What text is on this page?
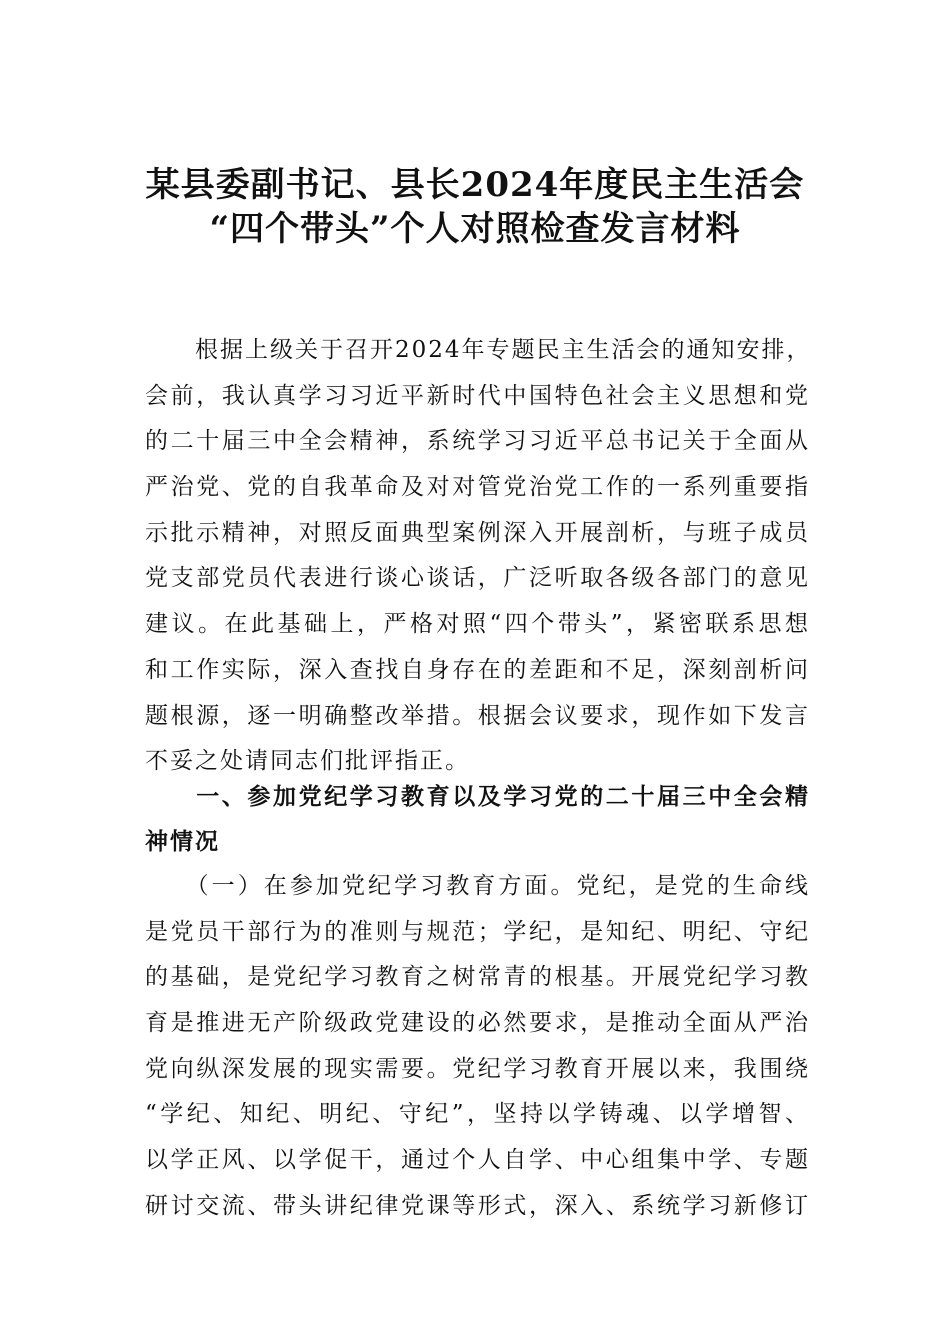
某县委副书记、县长2024年度民主生活会
“四个带头”个人对照检查发言材料
　　根据上级关于召开2024年专题民主生活会的通知安排，
会前，我认真学习习近平新时代中国特色社会主义思想和党
的二十届三中全会精神，系统学习习近平总书记关于全面从
严治党、党的自我革命及对对管党治党工作的一系列重要指
示批示精神，对照反面典型案例深入开展剖析，与班子成员
党支部党员代表进行谈心谈话，广泛听取各级各部门的意见
建议。在此基础上，严格对照“四个带头”，紧密联系思想
和工作实际，深入查找自身存在的差距和不足，深刻剖析问
题根源，逐一明确整改举措。根据会议要求，现作如下发言
不妥之处请同志们批评指正。
　　一、参加党纪学习教育以及学习党的二十届三中全会精
神情况
　　（一）在参加党纪学习教育方面。党纪，是党的生命线
是党员干部行为的准则与规范；学纪，是知纪、明纪、守纪
的基础，是党纪学习教育之树常青的根基。开展党纪学习教
育是推进无产阶级政党建设的必然要求，是推动全面从严治
党向纵深发展的现实需要。党纪学习教育开展以来，我围绕
“学纪、知纪、明纪、守纪”，坚持以学铸魂、以学增智、
以学正风、以学促干，通过个人自学、中心组集中学、专题
研讨交流、带头讲纪律党课等形式，深入、系统学习新修订
